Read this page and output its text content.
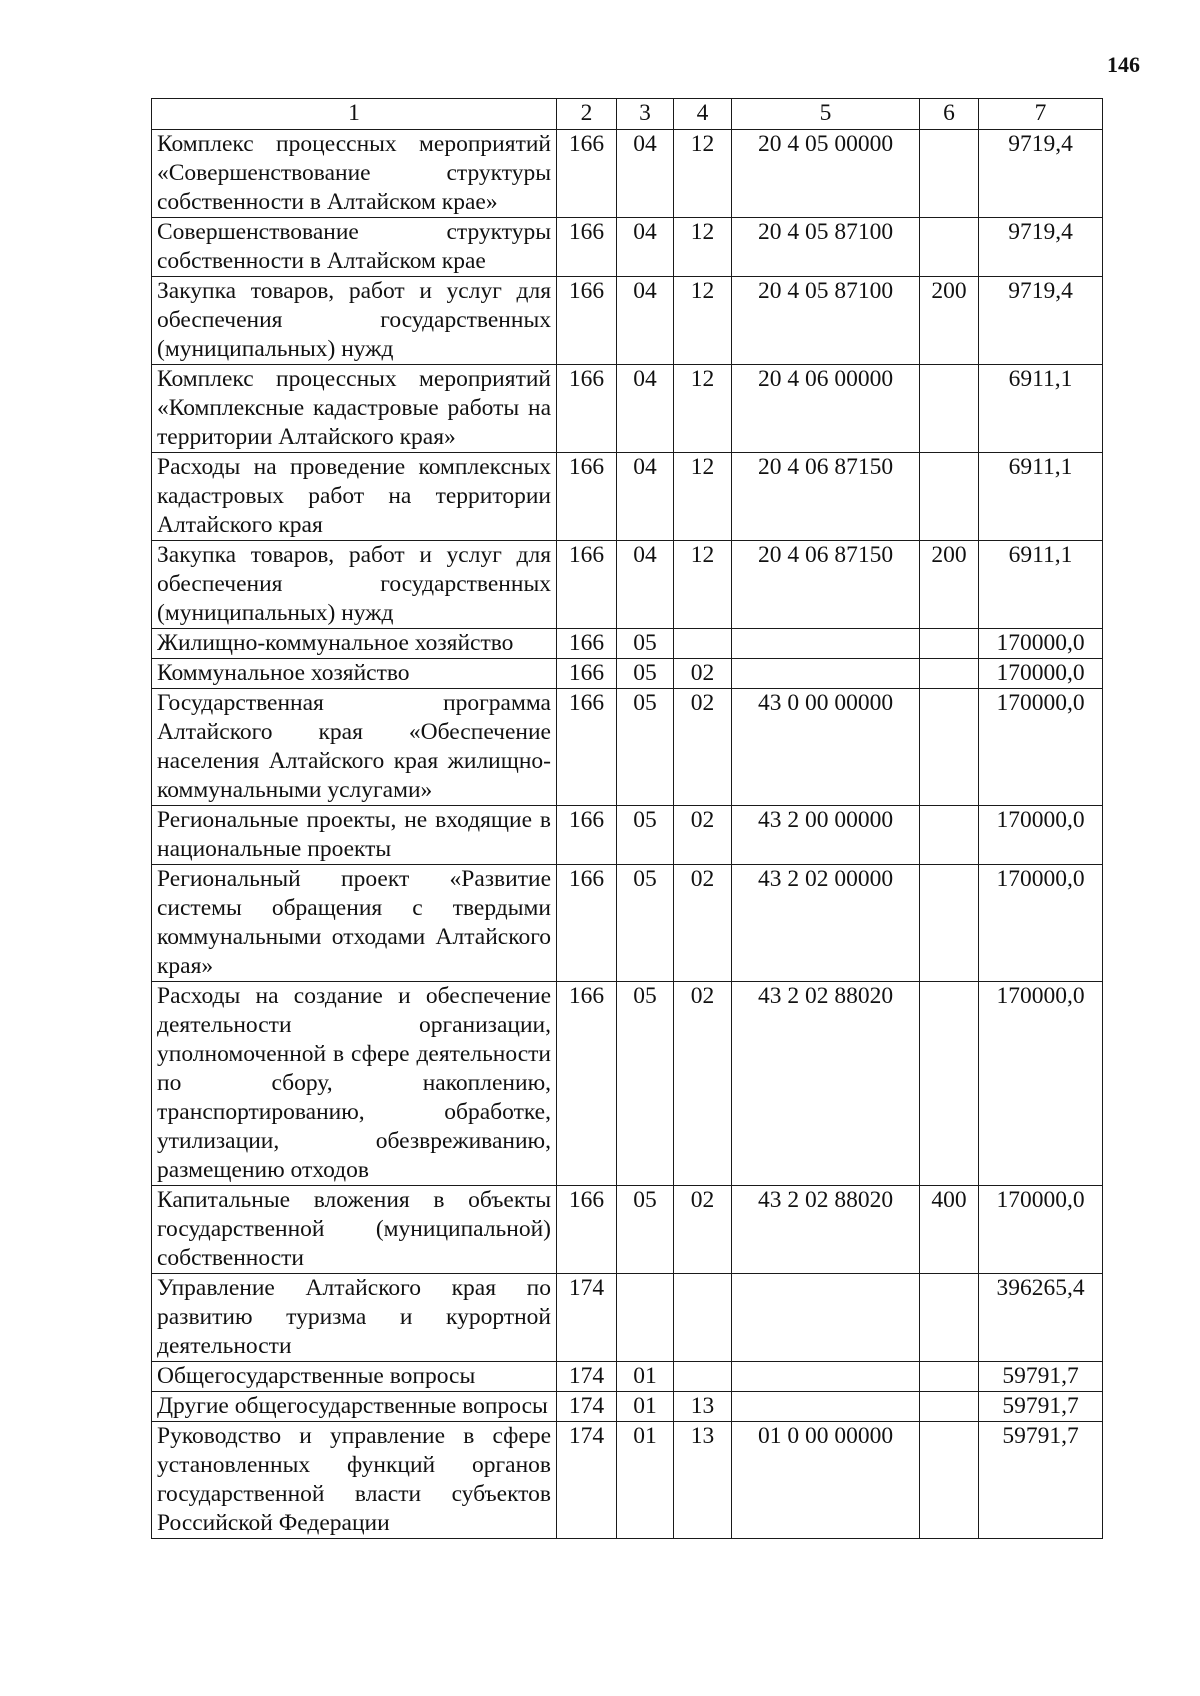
146
1	2	3	4	5	6	7
Комплекс процессных мероприятий «Совершенствование структуры собственности в Алтайском крае»	166	04	12	20 4 05 00000		9719,4
Совершенствование структуры собственности в Алтайском крае	166	04	12	20 4 05 87100		9719,4
Закупка товаров, работ и услуг для обеспечения государственных (муниципальных) нужд	166	04	12	20 4 05 87100	200	9719,4
Комплекс процессных мероприятий «Комплексные кадастровые работы на территории Алтайского края»	166	04	12	20 4 06 00000		6911,1
Расходы на проведение комплексных кадастровых работ на территории Алтайского края	166	04	12	20 4 06 87150		6911,1
Закупка товаров, работ и услуг для обеспечения государственных (муниципальных) нужд	166	04	12	20 4 06 87150	200	6911,1
Жилищно-коммунальное хозяйство	166	05				170000,0
Коммунальное хозяйство	166	05	02			170000,0
Государственная программа Алтайского края «Обеспечение населения Алтайского края жилищно-коммунальными услугами»	166	05	02	43 0 00 00000		170000,0
Региональные проекты, не входящие в национальные проекты	166	05	02	43 2 00 00000		170000,0
Региональный проект «Развитие системы обращения с твердыми коммунальными отходами Алтайского края»	166	05	02	43 2 02 00000		170000,0
Расходы на создание и обеспечение деятельности организации, уполномоченной в сфере деятельности по сбору, накоплению, транспортированию, обработке, утилизации, обезвреживанию, размещению отходов	166	05	02	43 2 02 88020		170000,0
Капитальные вложения в объекты государственной (муниципальной) собственности	166	05	02	43 2 02 88020	400	170000,0
Управление Алтайского края по развитию туризма и курортной деятельности	174					396265,4
Общегосударственные вопросы	174	01				59791,7
Другие общегосударственные вопросы	174	01	13			59791,7
Руководство и управление в сфере установленных функций органов государственной власти субъектов Российской Федерации	174	01	13	01 0 00 00000		59791,7
